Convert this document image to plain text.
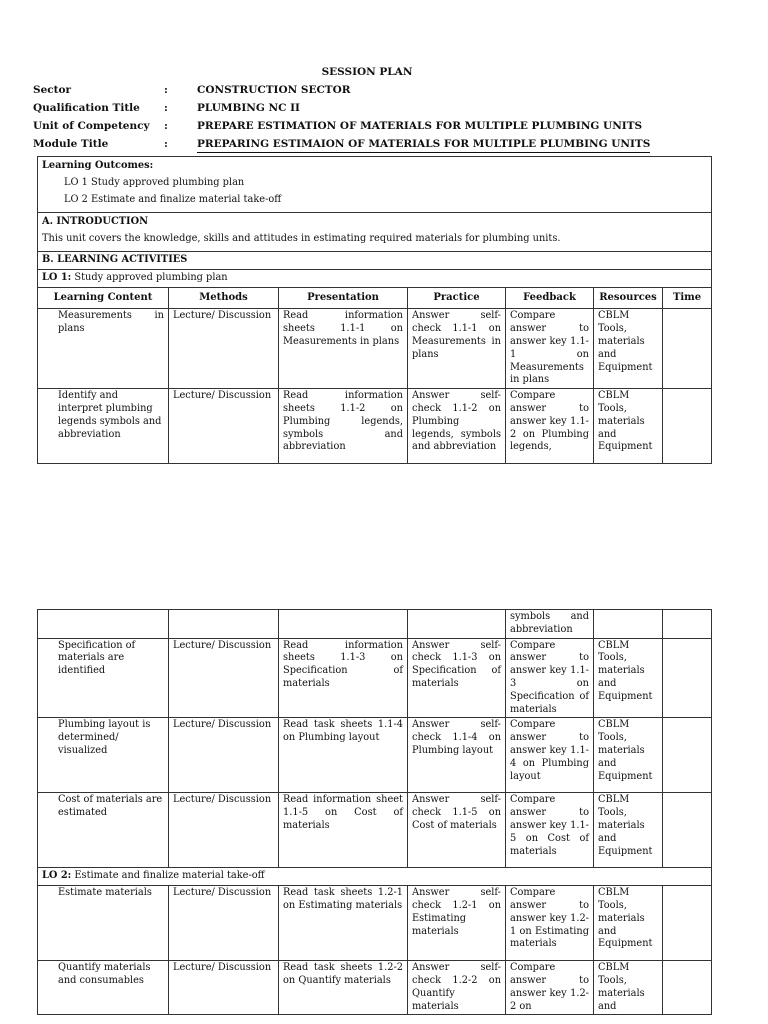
SESSION PLAN
Sector	:	CONSTRUCTION SECTOR
Qualification Title	:	PLUMBING NC II
Unit of Competency	:	PREPARE ESTIMATION OF MATERIALS FOR MULTIPLE PLUMBING UNITS
Module Title	:	PREPARING ESTIMAION OF MATERIALS FOR MULTIPLE PLUMBING UNITS
Learning Outcomes:
LO 1 Study approved plumbing plan
LO 2 Estimate and finalize material take-off						

A. INTRODUCTION
This unit covers the knowledge, skills and attitudes in estimating required materials for plumbing units.						

B. LEARNING ACTIVITIES						
LO 1: Study approved plumbing plan						
Learning Content	Methods	Presentation	Practice	Feedback	Resources	Time
Measurements in plans	Lecture/ Discussion	Read information sheets 1.1-1 on Measurements in plans	Answer self-check 1.1-1 on Measurements in plans	Compare answer to answer key 1.1-1 on Measurements in plans	CBLM Tools, materials and Equipment	
Identify and interpret plumbing legends symbols and abbreviation	Lecture/ Discussion	Read information sheets 1.1-2 on Plumbing legends, symbols and abbreviation	Answer self-check 1.1-2 on Plumbing legends, symbols and abbreviation	Compare answer to answer key 1.1-2 on Plumbing legends,	CBLM Tools, materials and Equipment	
				symbols and abbreviation		
Specification of materials are identified	Lecture/ Discussion	Read information sheets 1.1-3 on Specification of materials	Answer self-check 1.1-3 on Specification of materials	Compare answer to answer key 1.1-3 on Specification of materials	CBLM Tools, materials and Equipment	
Plumbing layout is determined/ visualized	Lecture/ Discussion	Read task sheets 1.1-4 on Plumbing layout	Answer self-check 1.1-4 on Plumbing layout	Compare answer to answer key 1.1-4 on Plumbing layout	CBLM Tools, materials and Equipment	
Cost of materials are estimated	Lecture/ Discussion	Read information sheet 1.1-5 on Cost of materials	Answer self-check 1.1-5 on Cost of materials	Compare answer to answer key 1.1-5 on Cost of materials	CBLM Tools, materials and Equipment	
LO 2: Estimate and finalize material take-off						
Estimate materials	Lecture/ Discussion	Read task sheets 1.2-1 on Estimating materials	Answer self-check 1.2-1 on Estimating materials	Compare answer to answer key 1.2-1 on Estimating materials	CBLM Tools, materials and Equipment	
Quantify materials and consumables	Lecture/ Discussion	Read task sheets 1.2-2 on Quantify materials	Answer self-check 1.2-2 on Quantify materials	Compare answer to answer key 1.2-2 on	CBLM Tools, materials and	
